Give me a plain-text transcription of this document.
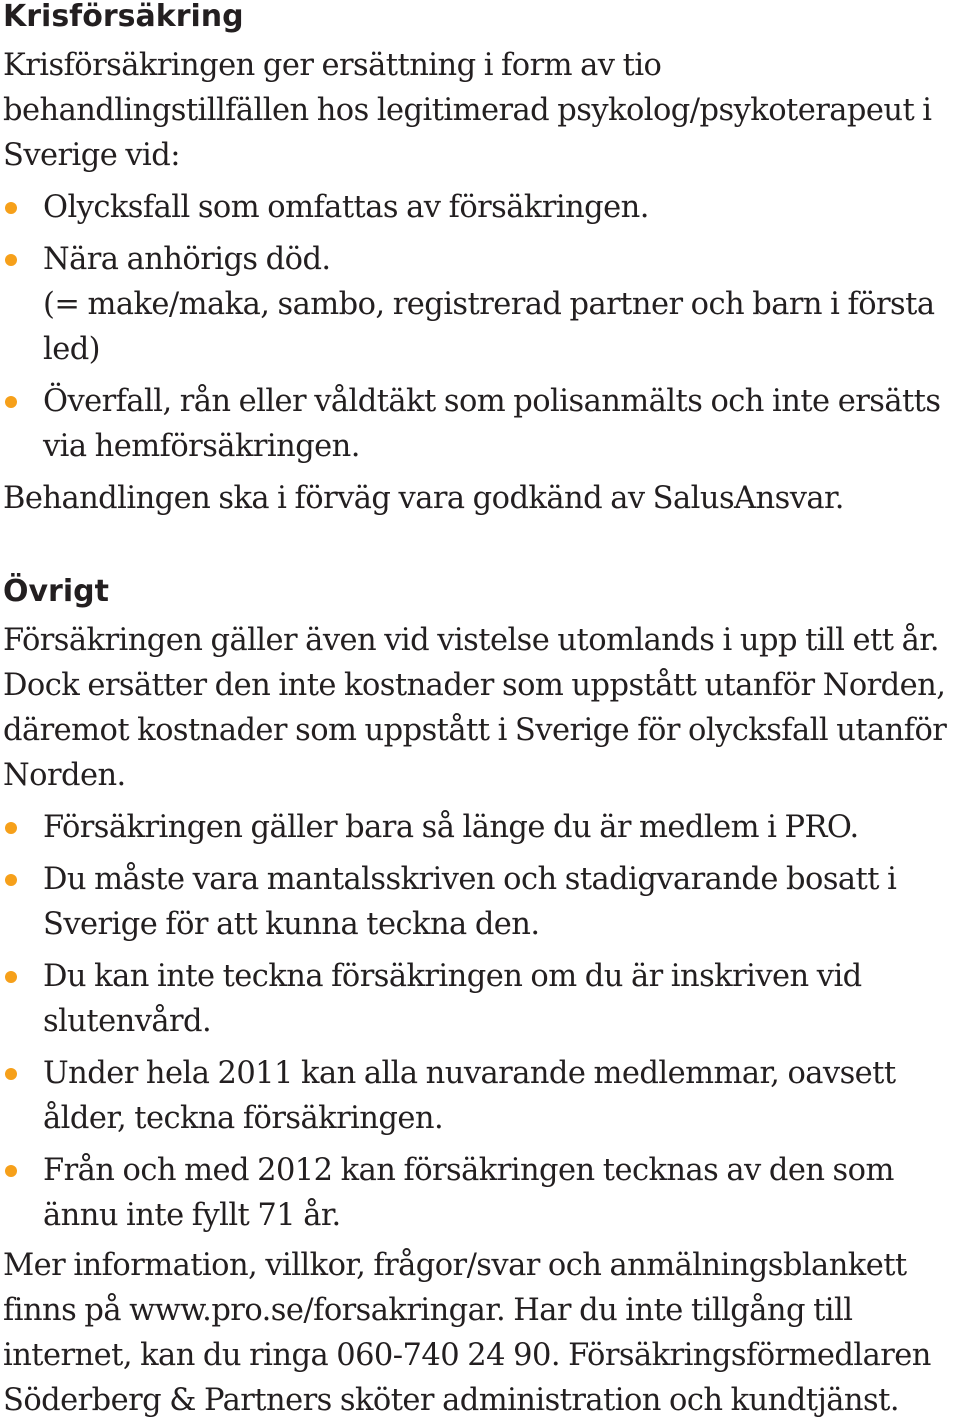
Krisförsäkring

Krisförsäkringen ger ersättning i form av tio behandlingstillfällen hos legitimerad psykolog/psykoterapeut i Sverige vid:

Olycksfall som omfattas av försäkringen.
Nära anhörigs död.
(= make/maka, sambo, registrerad partner och barn i första led)
Överfall, rån eller våldtäkt som polisanmälts och inte ersätts via hemförsäkringen.

Behandlingen ska i förväg vara godkänd av SalusAnsvar.

Övrigt

Försäkringen gäller även vid vistelse utomlands i upp till ett år. Dock ersätter den inte kostnader som uppstått utanför Norden, däremot kostnader som uppstått i Sverige för olycksfall utanför Norden.

Försäkringen gäller bara så länge du är medlem i PRO.
Du måste vara mantalsskriven och stadigvarande bosatt i Sverige för att kunna teckna den.
Du kan inte teckna försäkringen om du är inskriven vid slutenvård.
Under hela 2011 kan alla nuvarande medlemmar, oavsett ålder, teckna försäkringen.
Från och med 2012 kan försäkringen tecknas av den som ännu inte fyllt 71 år.

Mer information, villkor, frågor/svar och anmälningsblankett finns på www.pro.se/forsakringar. Har du inte tillgång till internet, kan du ringa 060-740 24 90. Försäkringsförmedlaren Söderberg & Partners sköter administration och kundtjänst.
